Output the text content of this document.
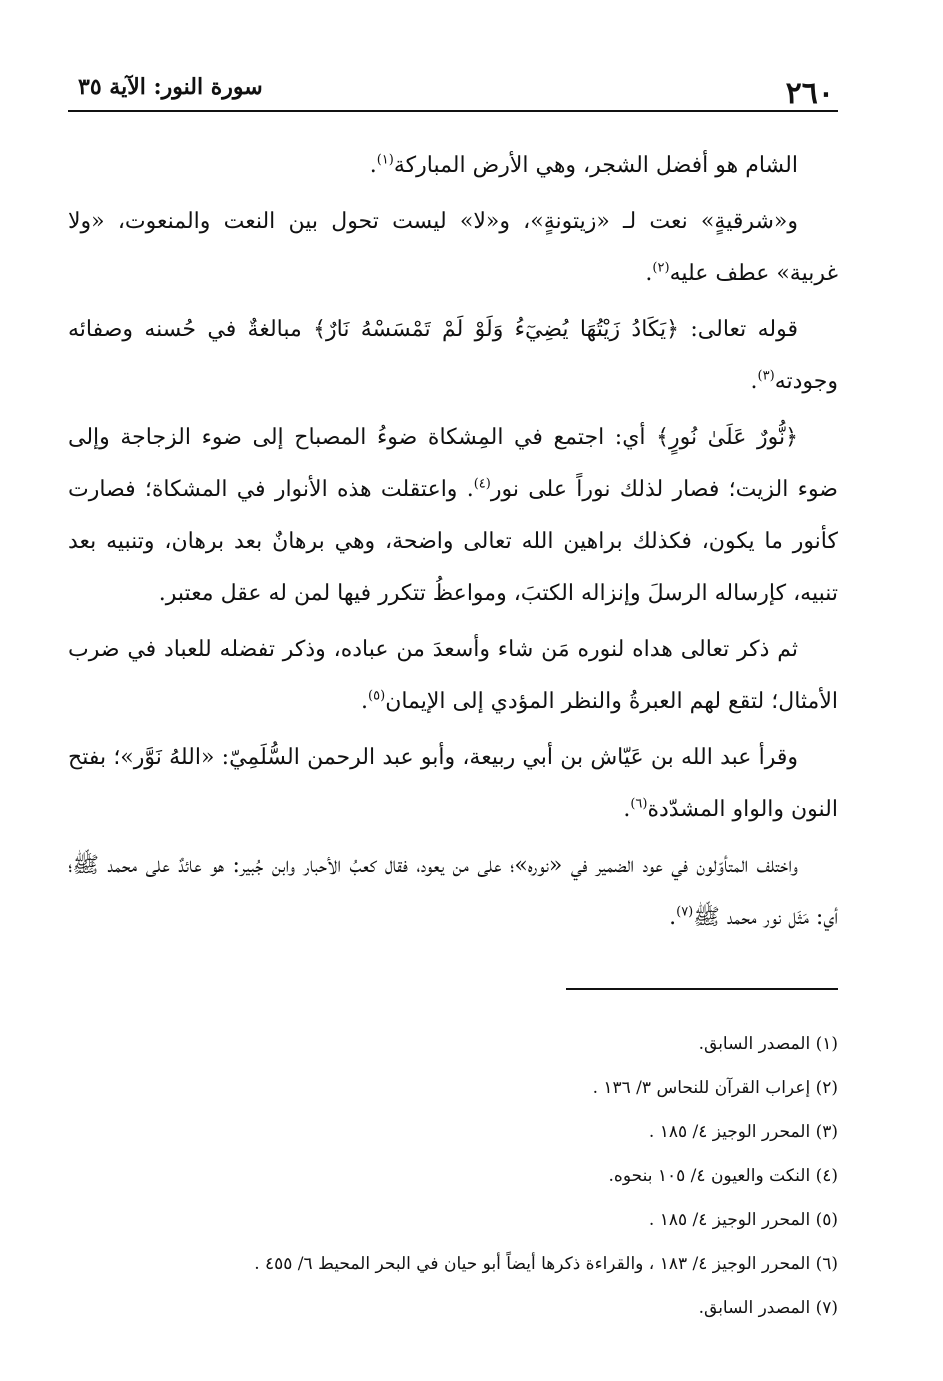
٢٦٠
سورة النور: الآية ٣٥

الشام هو أفضل الشجر، وهي الأرض المباركة$^{(١)}$.

و«شرقيةٍ» نعت لـ «زيتونةٍ»، و«لا» ليست تحول بين النعت والمنعوت، «ولا غربية» عطف عليه$^{(٢)}$.

قوله تعالى: ﴿يَكَادُ زَيْتُهَا يُضِيٓءُ وَلَوْ لَمْ تَمْسَسْهُ نَارٌ﴾ مبالغةٌ في حُسنه وصفائه وجودته$^{(٣)}$.

﴿نُّورٌ عَلَىٰ نُورٍ﴾ أي: اجتمع في المِشكاة ضوءُ المصباح إلى ضوء الزجاجة وإلى ضوء الزيت؛ فصار لذلك نوراً على نور$^{(٤)}$. واعتقلت هذه الأنوار في المشكاة؛ فصارت كأنور ما يكون، فكذلك براهين الله تعالى واضحة، وهي برهانٌ بعد برهان، وتنبيه بعد تنبيه، كإرساله الرسلَ وإنزاله الكتبَ، ومواعظُ تتكرر فيها لمن له عقل معتبر.

ثم ذكر تعالى هداه لنوره مَن شاء وأسعدَ من عباده، وذكر تفضله للعباد في ضرب الأمثال؛ لتقع لهم العبرةُ والنظر المؤدي إلى الإيمان$^{(٥)}$.

وقرأ عبد الله بن عَيّاش بن أبي ربيعة، وأبو عبد الرحمن السُّلَمِيّ: «اللهُ نَوَّر»؛ بفتح النون والواو المشدّدة$^{(٦)}$.

واختلف المتأوّلون في عود الضمير في «نوره»؛ على من يعود، فقال كعبُ الأحبار وابن جُبير: هو عائدٌ على محمد ﷺ؛ أي: مَثَل نور محمد ﷺ$^{(٧)}$.

(١) المصدر السابق.
(٢) إعراب القرآن للنحاس ٣/ ١٣٦ .
(٣) المحرر الوجيز ٤/ ١٨٥ .
(٤) النكت والعيون ٤/ ١٠٥ بنحوه.
(٥) المحرر الوجيز ٤/ ١٨٥ .
(٦) المحرر الوجيز ٤/ ١٨٣ ، والقراءة ذكرها أيضاً أبو حيان في البحر المحيط ٦/ ٤٥٥ .
(٧) المصدر السابق.
